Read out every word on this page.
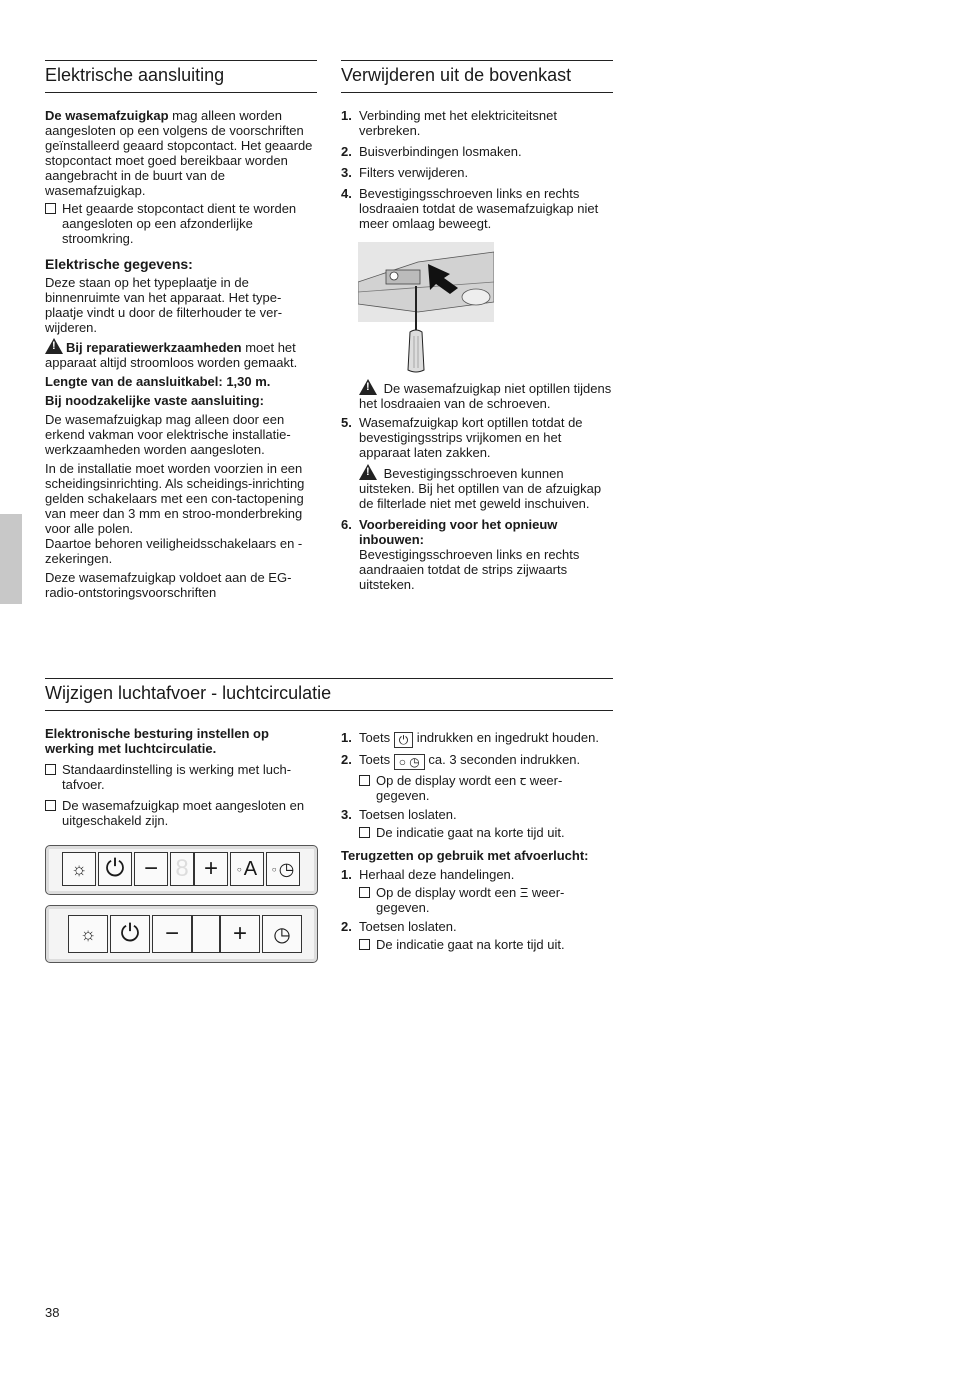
Elektrische aansluiting

De wasemafzuigkap mag alleen worden aangesloten op een volgens de voorschriften geïnstalleerd geaard stopcontact. Het geaarde stopcontact moet goed bereikbaar worden aangebracht in de buurt van de wasemafzuigkap.

Het geaarde stopcontact dient te worden aangesloten op een afzonderlijke stroomkring.

Elektrische gegevens:

Deze staan op het typeplaatje in de binnenruimte van het apparaat. Het type-plaatje vindt u door de filterhouder te ver-wijderen.

!Bij reparatiewerkzaamheden moet het apparaat altijd stroomloos worden gemaakt.

Lengte van de aansluitkabel: 1,30 m.

Bij noodzakelijke vaste aansluiting:

De wasemafzuigkap mag alleen door een erkend vakman voor elektrische installatie-werkzaamheden worden aangesloten.

In de installatie moet worden voorzien in een scheidingsinrichting. Als scheidings-inrichting gelden schakelaars met een con-tactopening van meer dan 3 mm en stroo-monderbreking voor alle polen.

Daartoe behoren veiligheidsschakelaars en -zekeringen.

Deze wasemafzuigkap voldoet aan de EG-radio-ontstoringsvoorschriften

Verwijderen uit de bovenkast
1. Verbinding met het elektriciteitsnet verbreken.
2. Buisverbindingen losmaken.
3. Filters verwijderen.
4. Bevestigingsschroeven links en rechts losdraaien totdat de wasemafzuigkap niet meer omlaag beweegt.

! De wasemafzuigkap niet optillen tijdens het losdraaien van de schroeven.

5. Wasemafzuigkap kort optillen totdat de bevestigingsstrips vrijkomen en het apparaat laten zakken.
! Bevestigingsschroeven kunnen uitsteken. Bij het optillen van de afzuigkap de filterlade niet met geweld inschuiven.
6. Voorbereiding voor het opnieuw inbouwen:
Bevestigingsschroeven links en rechts aandraaien totdat de strips zijwaarts uitsteken.
Wijzigen luchtafvoer - luchtcirculatie

Elektronische besturing instellen op werking met luchtcirculatie.

Standaardinstelling is werking met luch-tafvoer.
De wasemafzuigkap moet aangesloten en uitgeschakeld zijn.
☼ ⏻ − 8 + ○ A ○ ◷
☼ ⏻ − + ◷
1. Toets ⏻ indrukken en ingedrukt houden.
2. Toets ○ ◷ ca. 3 seconden indrukken.
Op de display wordt een ꞇ weer-gegeven.
3. Toetsen loslaten.
De indicatie gaat na korte tijd uit.

Terugzetten op gebruik met afvoerlucht:

1. Herhaal deze handelingen.
Op de display wordt een Ξ weer-gegeven.
2. Toetsen loslaten.
De indicatie gaat na korte tijd uit.
38
